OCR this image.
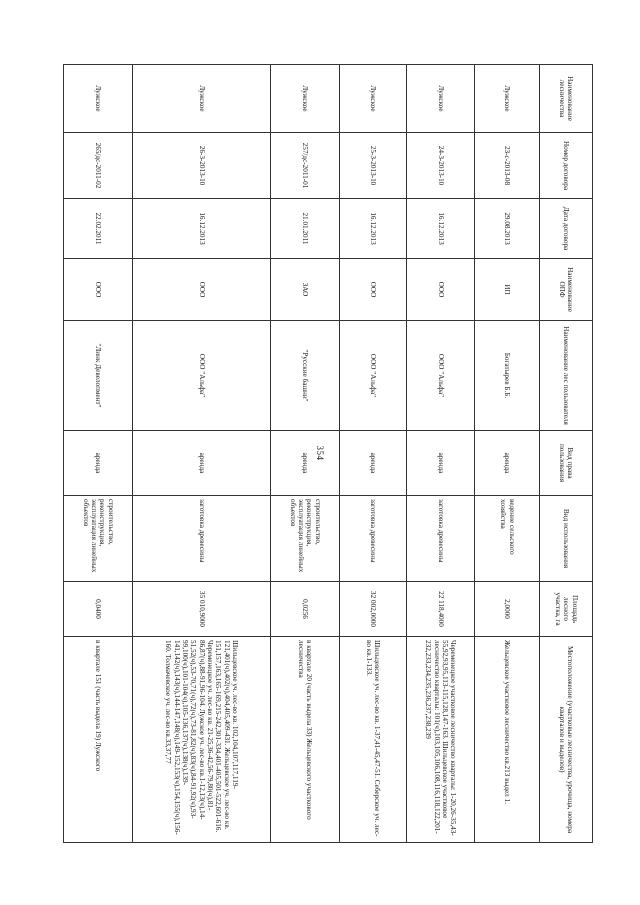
354
Наименование лесничества	Номер договора	Дата договора	Наименование ОПФ	Наименование лес пользователя	Вид права пользования	Вид использования	Площадь лесного участка, га	Местоположение (участковые лесничества, урочища, номера кварталов и выделов)
Лужское	23-с-2013-08	29.08.2013	ИП	Богатырев Б.Б.	аренда	ведение сельского хозяйства	2,0000	Жельцевское участковое лесничество кв.213 выдел 1.
Лужское	24-3-2013-10	16.12.2013	ООО	ООО "Альфа"	аренда	заготовка древесины	22 118,4000	Череменецкое участковое лесничество кварталы: 1-20,26-35,43-55,92,93,95,113-115,128,147-163. Шильцевское участковое лесничество кварталы: 101(ч),103,105,106,108,116,118,122,201-232,233,234,235,236,237,238,239

Лужское	25-3-2013-10	16.12.2013	ООО	ООО "Альфа"	аренда	заготовка древесины	32 002,0000	Шильцевское уч. лес-во кв. 1-37,41-45,47-51. Себерское уч. лес-во кв.1-133.
Лужское	257/дс-2011-01	21.01.2011	ЗАО	"Русские башни"	аренда	строительство, реконструкция, эксплуатация линейных объектов	0,0256	в квартале 20 (часть выдела 33) Жельцевского участкового лесничества
Лужское	26-3-2013-10	16.12.2013	ООО	ООО "Альфа"	аренда	заготовка древесины	35 010,9000	Шильцевское уч. лес-во кв. 102,104,107,117,119-121,401(ч),402(ч),404,405,409-431. Жельцевское уч. лес-во кв. 151,157,163,165-169,215-242,301-334,401-405,501-522,601-616. Череменецкое уч. лес-во кв. 21-25,36-42,56-79,80(ч),81-86,87(ч),88-91,96-104. Лужское уч. лес-во кв.1-12,13(ч),14-51,52(ч),53-70,71(ч),72(ч),73-81,82(ч),83(ч),84-91,92(ч),93-99,100(ч),101-104(ч),105-136,137(ч),138(ч),139-141,142(ч),143(ч),144-147,148(ч),149-152,153(ч),154,155(ч),156-160. Толмачевское уч. лес-во кв.33,37,77

Лужское	265/дс-2011-02	22.02.2011	ООО	"Линк Девелопмент"	аренда	строительство, реконструкция, эксплуатация линейных объектов	0,0400	в квартале 151 (часть выдела 19) Лужского
